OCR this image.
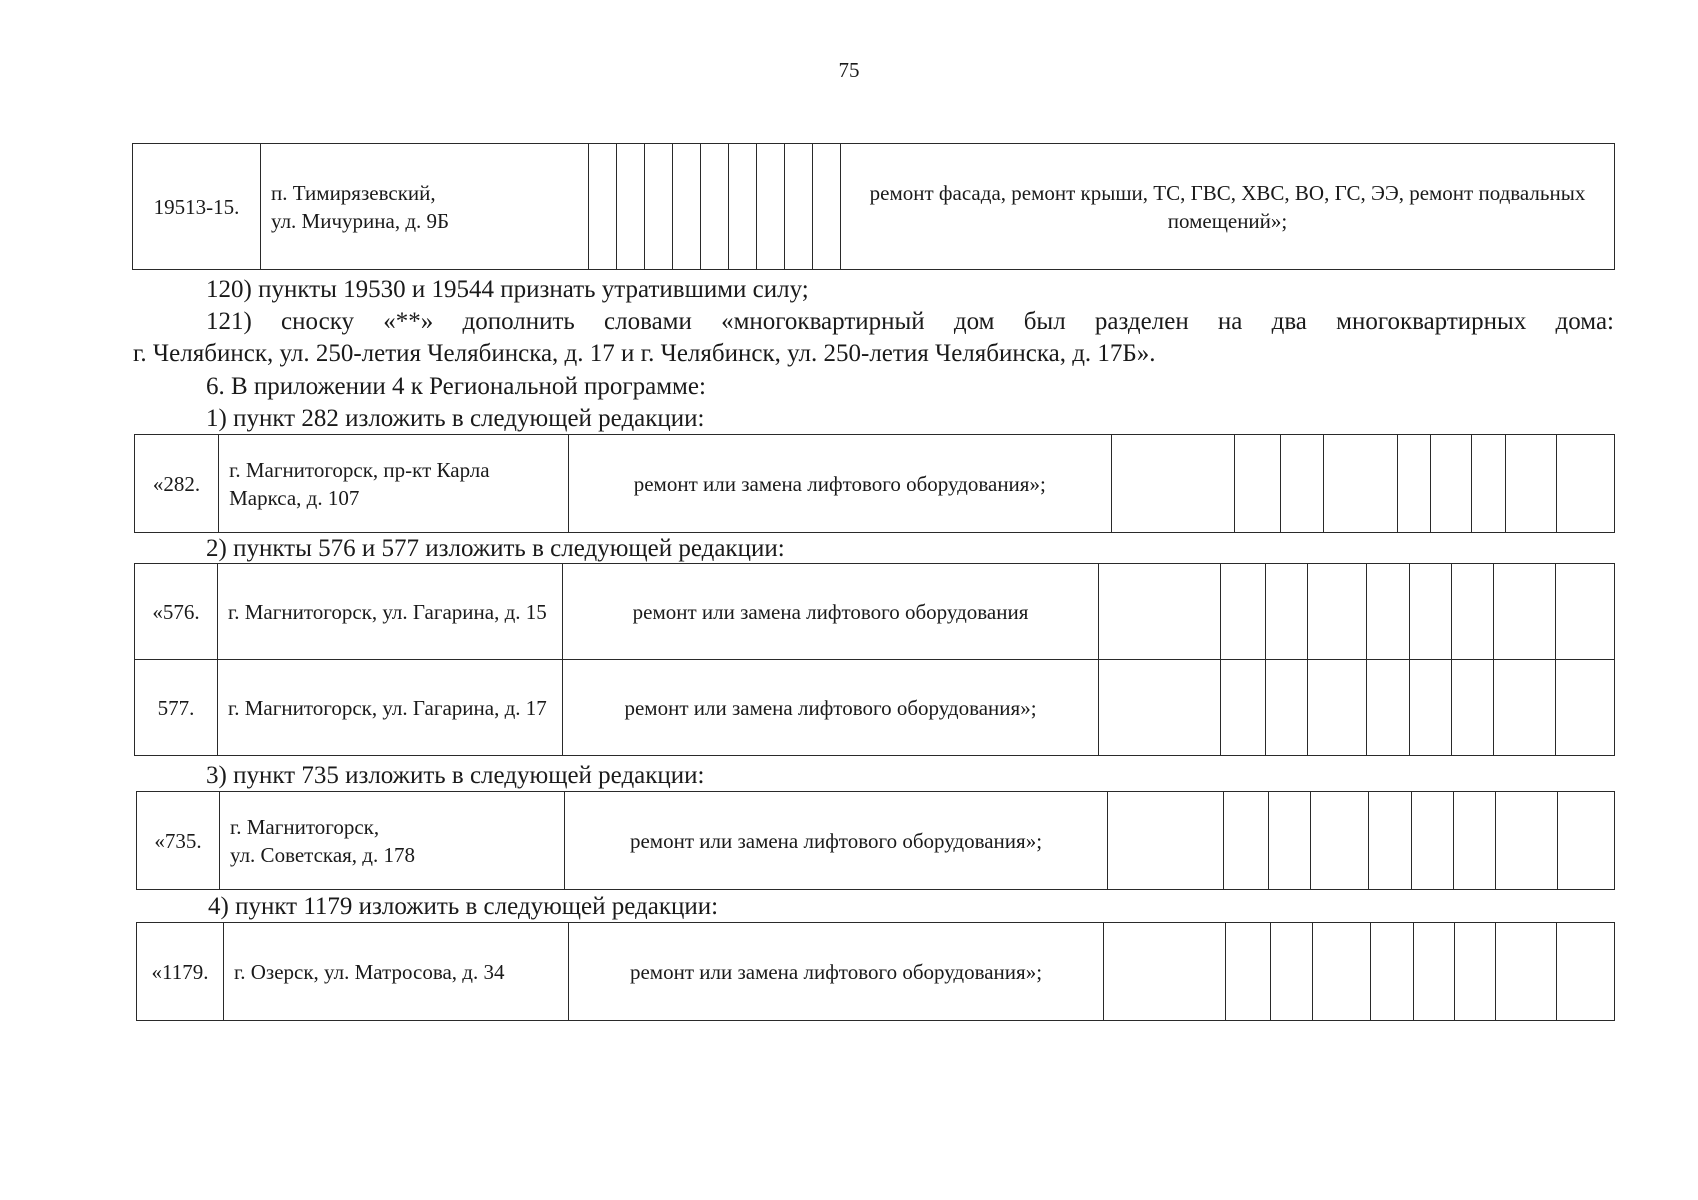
75
19513-15.	п. Тимирязевский,
ул. Мичурина, д. 9Б										ремонт фасада, ремонт крыши, ТС, ГВС, ХВС, ВО, ГС, ЭЭ, ремонт подвальных помещений»;
120) пункты 19530 и 19544 признать утратившими силу;
121) сноску «**» дополнить словами «многоквартирный дом был разделен на два многоквартирных дома:
г. Челябинск, ул. 250-летия Челябинска, д. 17 и г. Челябинск, ул. 250-летия Челябинска, д. 17Б».
6. В приложении 4 к Региональной программе:
1) пункт 282 изложить в следующей редакции:
«282.	г. Магнитогорск, пр-кт Карла Маркса, д. 107	ремонт или замена лифтового оборудования»;										
2) пункты 576 и 577 изложить в следующей редакции:
«576.	г. Магнитогорск, ул. Гагарина, д. 15	ремонт или замена лифтового оборудования									
577.	г. Магнитогорск, ул. Гагарина, д. 17	ремонт или замена лифтового оборудования»;									
3) пункт 735 изложить в следующей редакции:
«735.	г. Магнитогорск,
ул. Советская, д. 178	ремонт или замена лифтового оборудования»;									
4) пункт 1179 изложить в следующей редакции:
«1179.	г. Озерск, ул. Матросова, д. 34	ремонт или замена лифтового оборудования»;									
